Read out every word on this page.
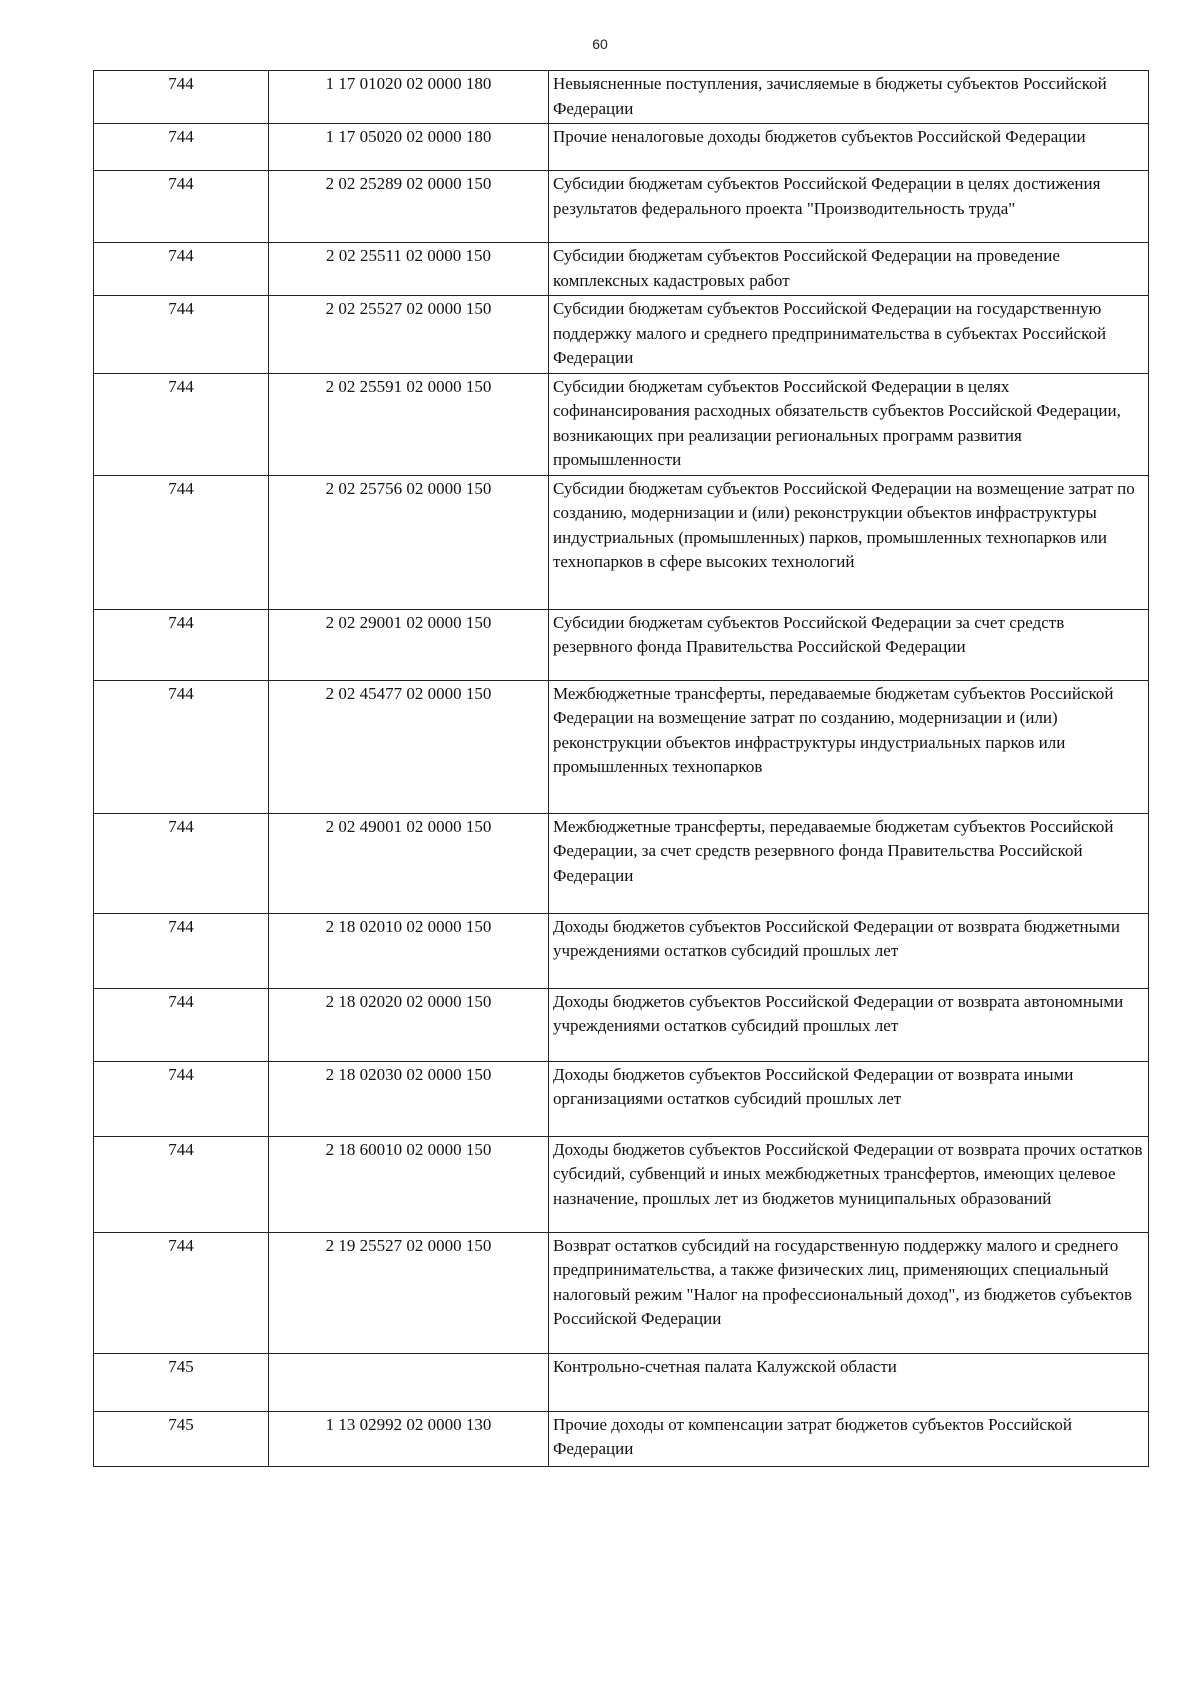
60
744	1 17 01020 02 0000 180	Невыясненные поступления, зачисляемые в бюджеты субъектов Российской Федерации
744	1 17 05020 02 0000 180	Прочие неналоговые доходы бюджетов субъектов Российской Федерации
744	2 02 25289 02 0000 150	Субсидии бюджетам субъектов Российской Федерации в целях достижения результатов федерального проекта "Производительность труда"
744	2 02 25511 02 0000 150	Субсидии бюджетам субъектов Российской Федерации на проведение комплексных кадастровых работ
744	2 02 25527 02 0000 150	Субсидии бюджетам субъектов Российской Федерации на государственную поддержку малого и среднего предпринимательства в субъектах Российской Федерации
744	2 02 25591 02 0000 150	Субсидии бюджетам субъектов Российской Федерации в целях софинансирования расходных обязательств субъектов Российской Федерации, возникающих при реализации региональных программ развития промышленности
744	2 02 25756 02 0000 150	Субсидии бюджетам субъектов Российской Федерации на возмещение затрат по созданию, модернизации и (или) реконструкции объектов инфраструктуры индустриальных (промышленных) парков, промышленных технопарков или технопарков в сфере высоких технологий
744	2 02 29001 02 0000 150	Субсидии бюджетам субъектов Российской Федерации за счет средств резервного фонда Правительства Российской Федерации
744	2 02 45477 02 0000 150	Межбюджетные трансферты, передаваемые бюджетам субъектов Российской Федерации на возмещение затрат по созданию, модернизации и (или) реконструкции объектов инфраструктуры индустриальных парков или промышленных технопарков
744	2 02 49001 02 0000 150	Межбюджетные трансферты, передаваемые бюджетам субъектов Российской Федерации, за счет средств резервного фонда Правительства Российской Федерации
744	2 18 02010 02 0000 150	Доходы бюджетов субъектов Российской Федерации от возврата бюджетными учреждениями остатков субсидий прошлых лет
744	2 18 02020 02 0000 150	Доходы бюджетов субъектов Российской Федерации от возврата автономными учреждениями остатков субсидий прошлых лет
744	2 18 02030 02 0000 150	Доходы бюджетов субъектов Российской Федерации от возврата иными организациями остатков субсидий прошлых лет
744	2 18 60010 02 0000 150	Доходы бюджетов субъектов Российской Федерации от возврата прочих остатков субсидий, субвенций и иных межбюджетных трансфертов, имеющих целевое назначение, прошлых лет из бюджетов муниципальных образований
744	2 19 25527 02 0000 150	Возврат остатков субсидий на государственную поддержку малого и среднего предпринимательства, а также физических лиц, применяющих специальный налоговый режим "Налог на профессиональный доход", из бюджетов субъектов Российской Федерации
745		Контрольно-счетная палата Калужской области
745	1 13 02992 02 0000 130	Прочие доходы от компенсации затрат бюджетов субъектов Российской Федерации
